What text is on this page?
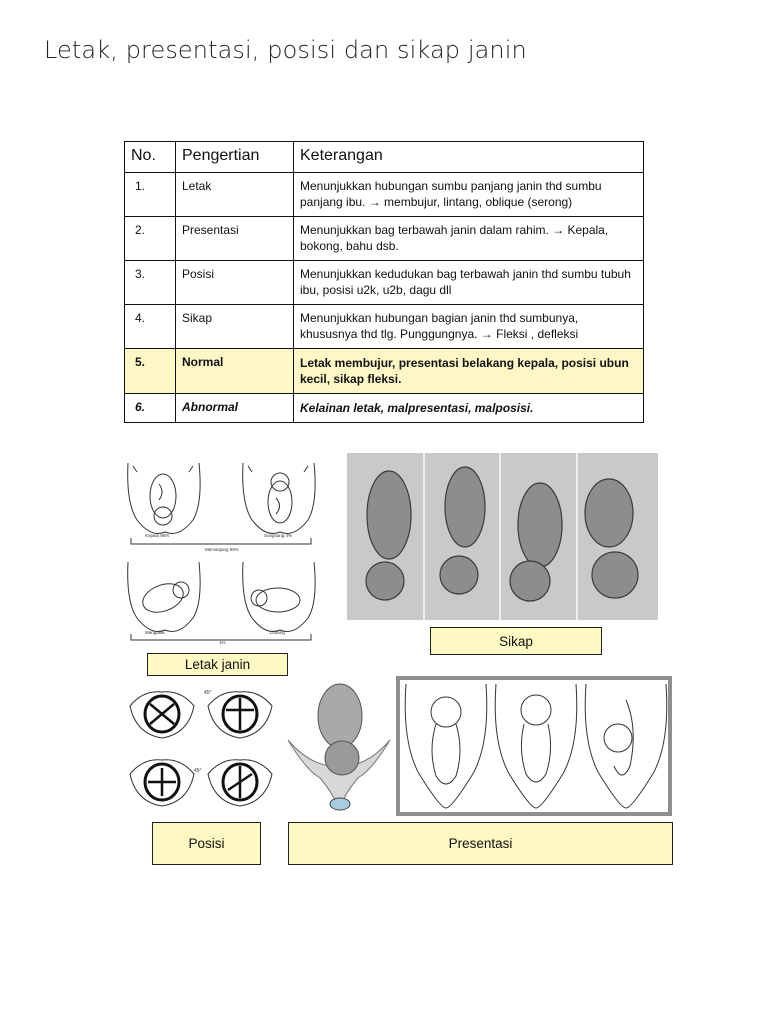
Letak, presentasi, posisi dan sikap janin
No.	Pengertian	Keterangan
1.	Letak	Menunjukkan hubungan sumbu panjang janin thd sumbu panjang ibu. → membujur, lintang, oblique (serong)
2.	Presentasi	Menunjukkan bag terbawah janin dalam rahim. → Kepala, bokong, bahu dsb.
3.	Posisi	Menunjukkan kedudukan bag terbawah janin thd sumbu tubuh ibu, posisi u2k, u2b, dagu dll
4.	Sikap	Menunjukkan hubungan bagian janin thd sumbunya, khususnya thd tlg. Punggungnya. → Fleksi , defleksi
5.	Normal	Letak membujur, presentasi belakang kepala, posisi ubun kecil, sikap fleksi.
6.	Abnormal	Kelainan letak, malpresentasi, malposisi.
Kepala 95%	Sungsang 4%
Memanjang 99%
Mangatak	Lintang
1%
Letak janin
Sikap
45°
45°
Posisi	Presentasi
